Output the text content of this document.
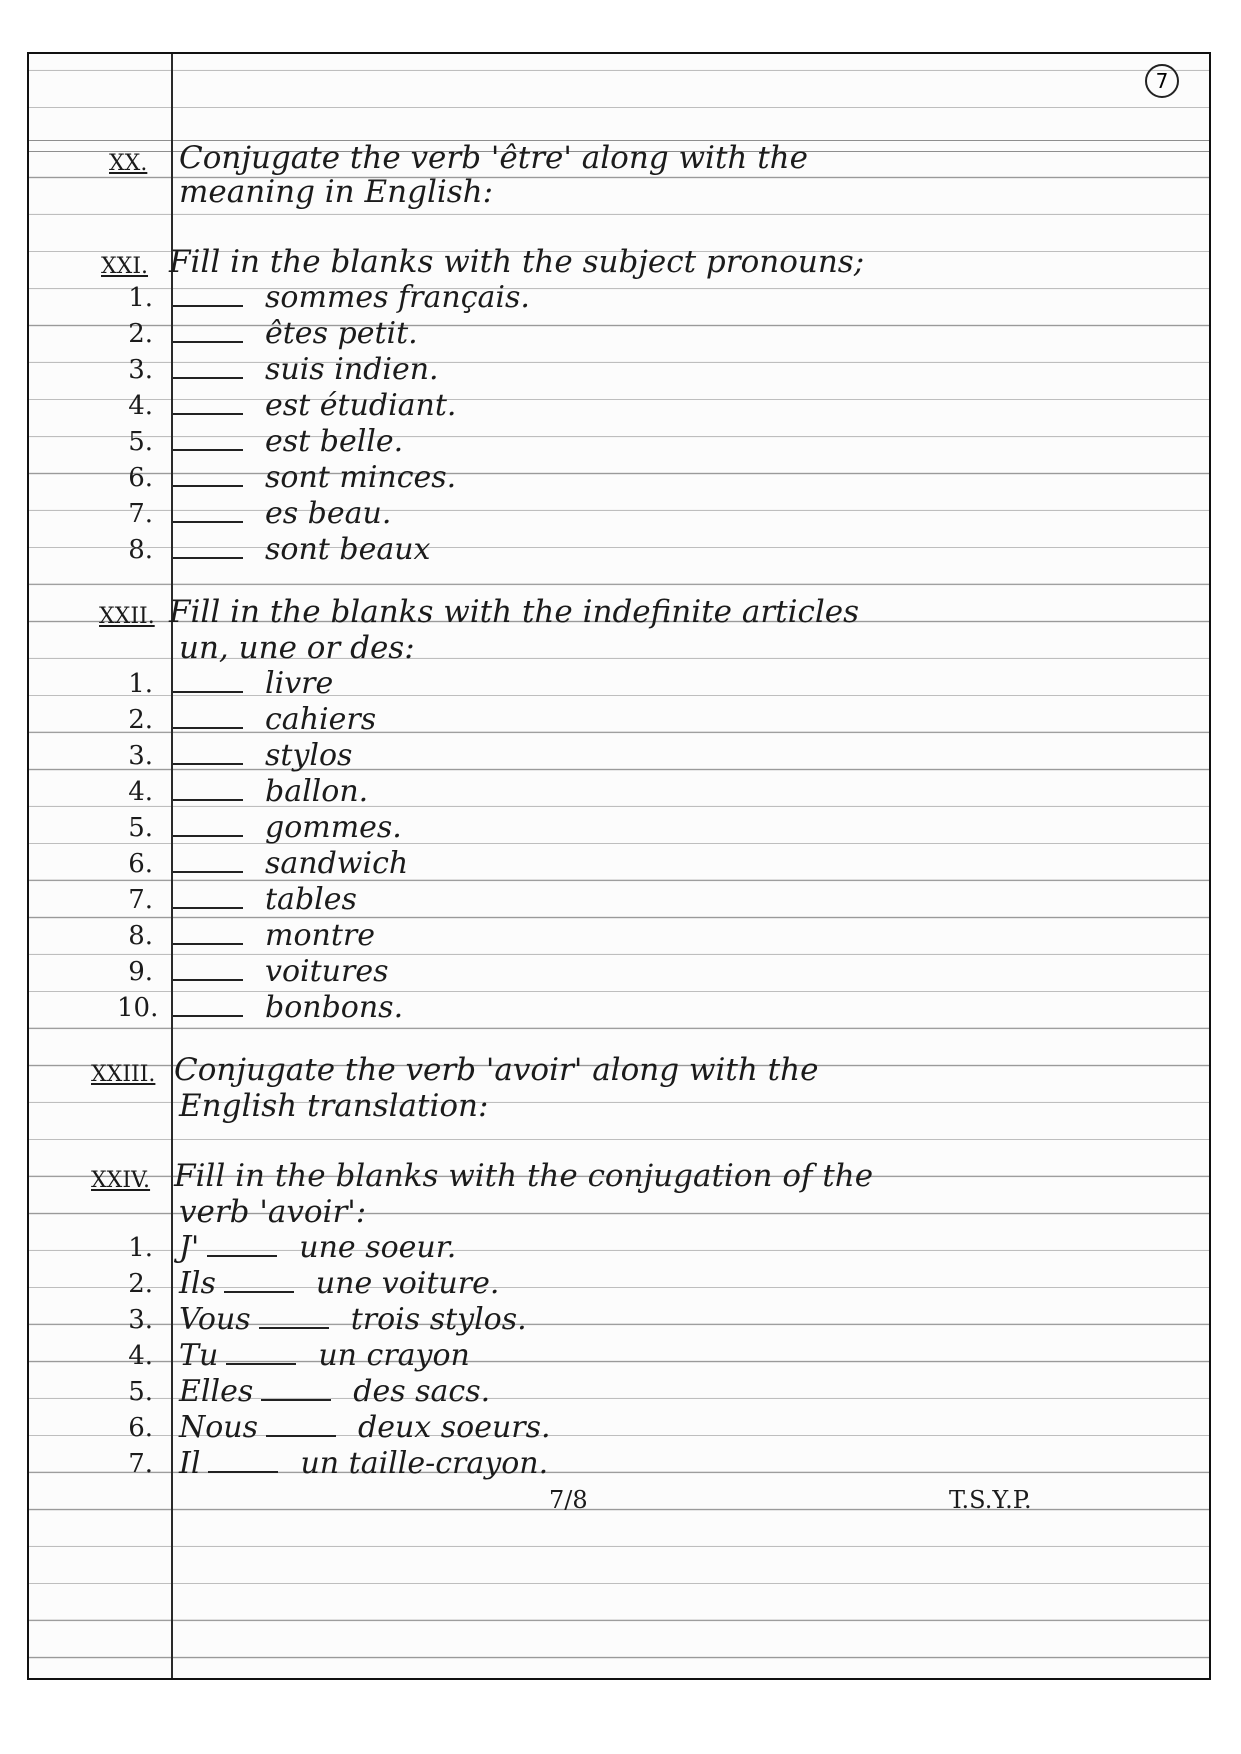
7

XX. Conjugate the verb 'être' along with the

meaning in English:

XXI. Fill in the blanks with the subject pronouns;

1.	sommes français.

2.	êtes petit.

3.	suis indien.

4.	est étudiant.

5.	est belle.

6.	sont minces.

7.	es beau.

8.	sont beaux

XXII. Fill in the blanks with the indefinite articles

un, une or des:

1.	livre

2.	cahiers

3.	stylos

4.	ballon.

5.	gommes.

6.	sandwich

7.	tables

8.	montre

9.	voitures

10.	bonbons.

XXIII. Conjugate the verb 'avoir' along with the

English translation:

XXIV. Fill in the blanks with the conjugation of the

verb 'avoir':

1. J'	une soeur.

2. Ils	une voiture.

3. Vous	trois stylos.

4. Tu	un crayon

5. Elles	des sacs.

6. Nous	deux soeurs.

7. Il	un taille-crayon.

7/8	T.S.Y.P.
